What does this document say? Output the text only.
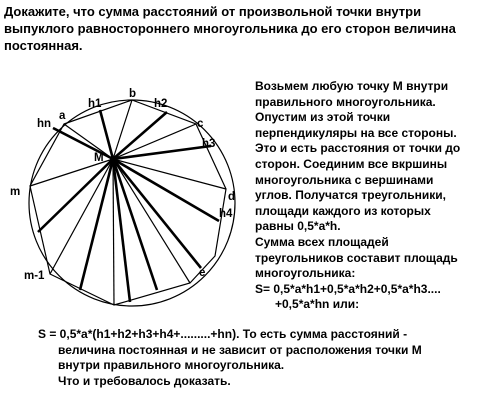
Докажите, что сумма расстояний от произвольной точки внутри
выпуклого равностороннего многоугольника до его сторон величина
постоянная.
M
a
hn
h1
b
h2
c
h3
d
h4
m
m-1	e
Возьмем любую точку М внутри
правильного многоугольника.
Опустим из этой точки
перпендикуляры на все стороны.
Это и есть расстояния от точки до
сторон. Соединим все вкршины
многоугольника с вершинами
углов. Получатся треугольники,
площади каждого из которых
равны 0,5*a*h.
Сумма всех площадей
треугольников составит площадь
многоугольника:
S= 0,5*a*h1+0,5*a*h2+0,5*a*h3....
+0,5*a*hn или:
S = 0,5*a*(h1+h2+h3+h4+.........+hn). То есть сумма расстояний -
величина постоянная и не зависит от расположения точки М
внутри правильного многоугольника.
Что и требовалось доказать.
